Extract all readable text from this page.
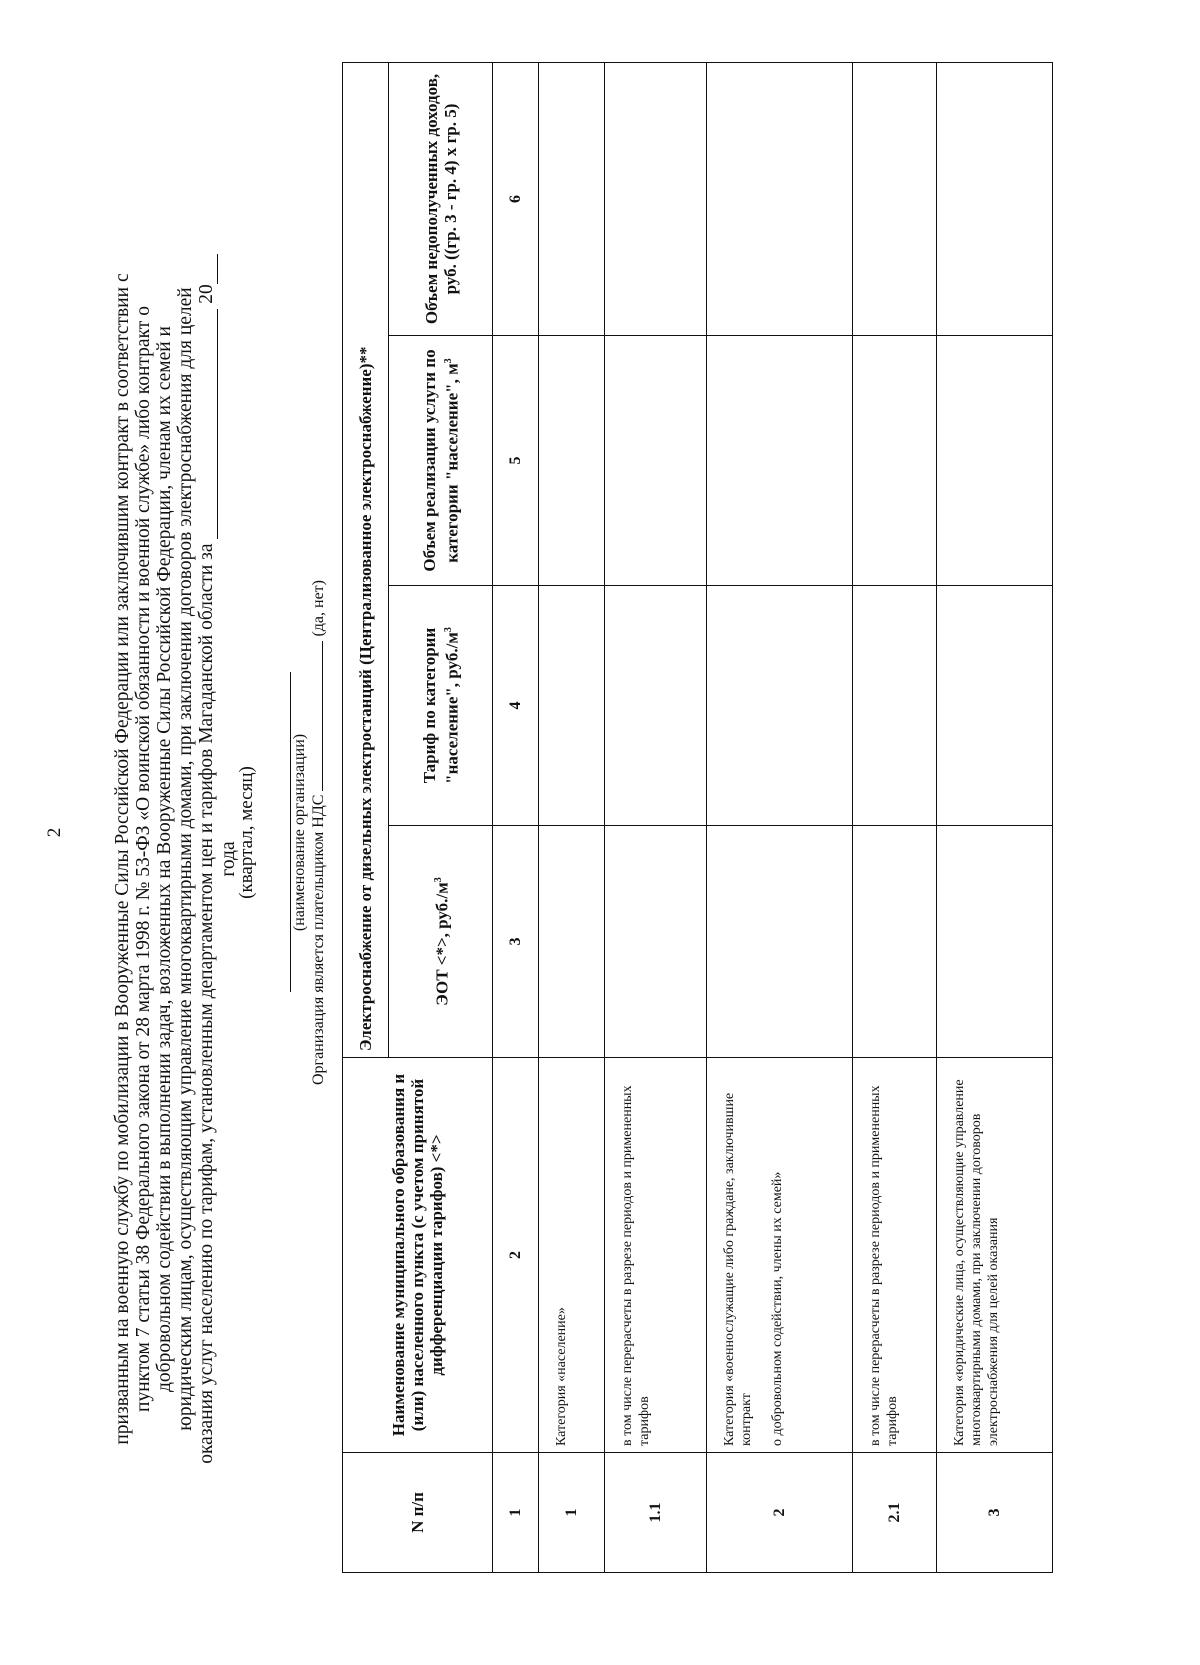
2 призванным на военную службу по мобилизации в Вооруженные Силы Российской Федерации или заключившим контракт в соответствии с пунктом 7 статьи 38 Федерального закона от 28 марта 1998 г. № 53-ФЗ «О воинской обязанности и военной службе» либо контракт о добровольном содействии в выполнении задач, возложенных на Вооруженные Силы Российской Федерации, членам их семей и юридическим лицам, осуществляющим управление многоквартирными домами, при заключении договоров электроснабжения для целей оказания услуг населению по тарифам, установленным департаментом цен и тарифов Магаданской области за   20
года
(квартал, месяц) (наименование организации) Организация является плательщиком НДС  (да, нет)
N п/п	Наименование муниципального образования и (или) населенного пункта (с учетом принятой дифференциации тарифов) <*>	Электроснабжение от дизельных электростанций (Централизованное электроснабжение)**			
		ЭОТ <*>, $руб./м^3$	Тариф по категории "население", $руб./м^3$	Объем реализации услуги по категории "население", $м^3$	Объем недополученных доходов, руб. ((гр. 3 - гр. 4) х гр. 5)
1	2	3	4	5	6
1	Категория «население»				

1.1	в том числе перерасчеты в разрезе периодов и примененных тарифов				

2	Категория «военнослужащие либо граждане, заключившие контракт о добровольном содействии, члены их семей»				

2.1	в том числе перерасчеты в разрезе периодов и примененных тарифов				

3	Категория «юридические лица, осуществляющие управление многоквартирными домами, при заключении договоров электроснабжения для целей оказания				
